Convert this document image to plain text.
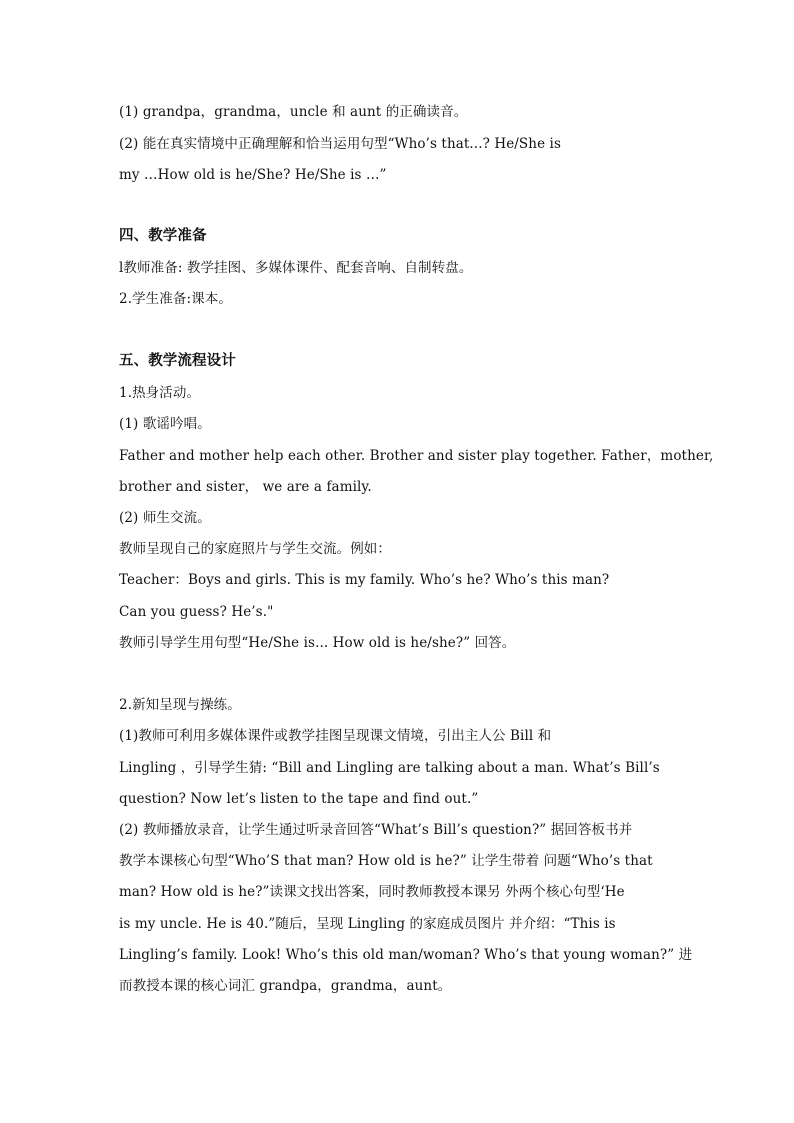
(1) grandpa，grandma，uncle 和 aunt 的正确读音。
(2) 能在真实情境中正确理解和恰当运用句型“Who’s that...? He/She is
my …How old is he/She? He/She is …”
四、教学准备
l教师准备: 教学挂图、多媒体课件、配套音响、自制转盘。
2.学生准备:课本。
五、教学流程设计
1.热身活动。
(1) 歌谣吟唱。
Father and mother help each other. Brother and sister play together. Father，mother,
brother and sister， we are a family.
(2) 师生交流。
教师呈现自己的家庭照片与学生交流。例如：
Teacher：Boys and girls. This is my family. Who’s he? Who’s this man?
Can you guess? He’s."
教师引导学生用句型“He/She is... How old is he/she?” 回答。
2.新知呈现与操练。
(1)教师可利用多媒体课件或教学挂图呈现课文情境，引出主人公 Bill 和
Lingling ，引导学生猜: “Bill and Lingling are talking about a man. What’s Bill’s
question? Now let’s listen to the tape and find out.”
(2) 教师播放录音，让学生通过听录音回答“What’s Bill’s question?” 据回答板书并
教学本课核心句型“Who’S that man? How old is he?” 让学生带着 问题“Who’s that
man? How old is he?”读课文找出答案，同时教师教授本课另 外两个核心句型‘He
is my uncle. He is 40.”随后，呈现 Lingling 的家庭成员图片 并介绍：“This is
Lingling’s family. Look! Who’s this old man/woman? Who’s that young woman?” 进
而教授本课的核心词汇 grandpa，grandma，aunt。
